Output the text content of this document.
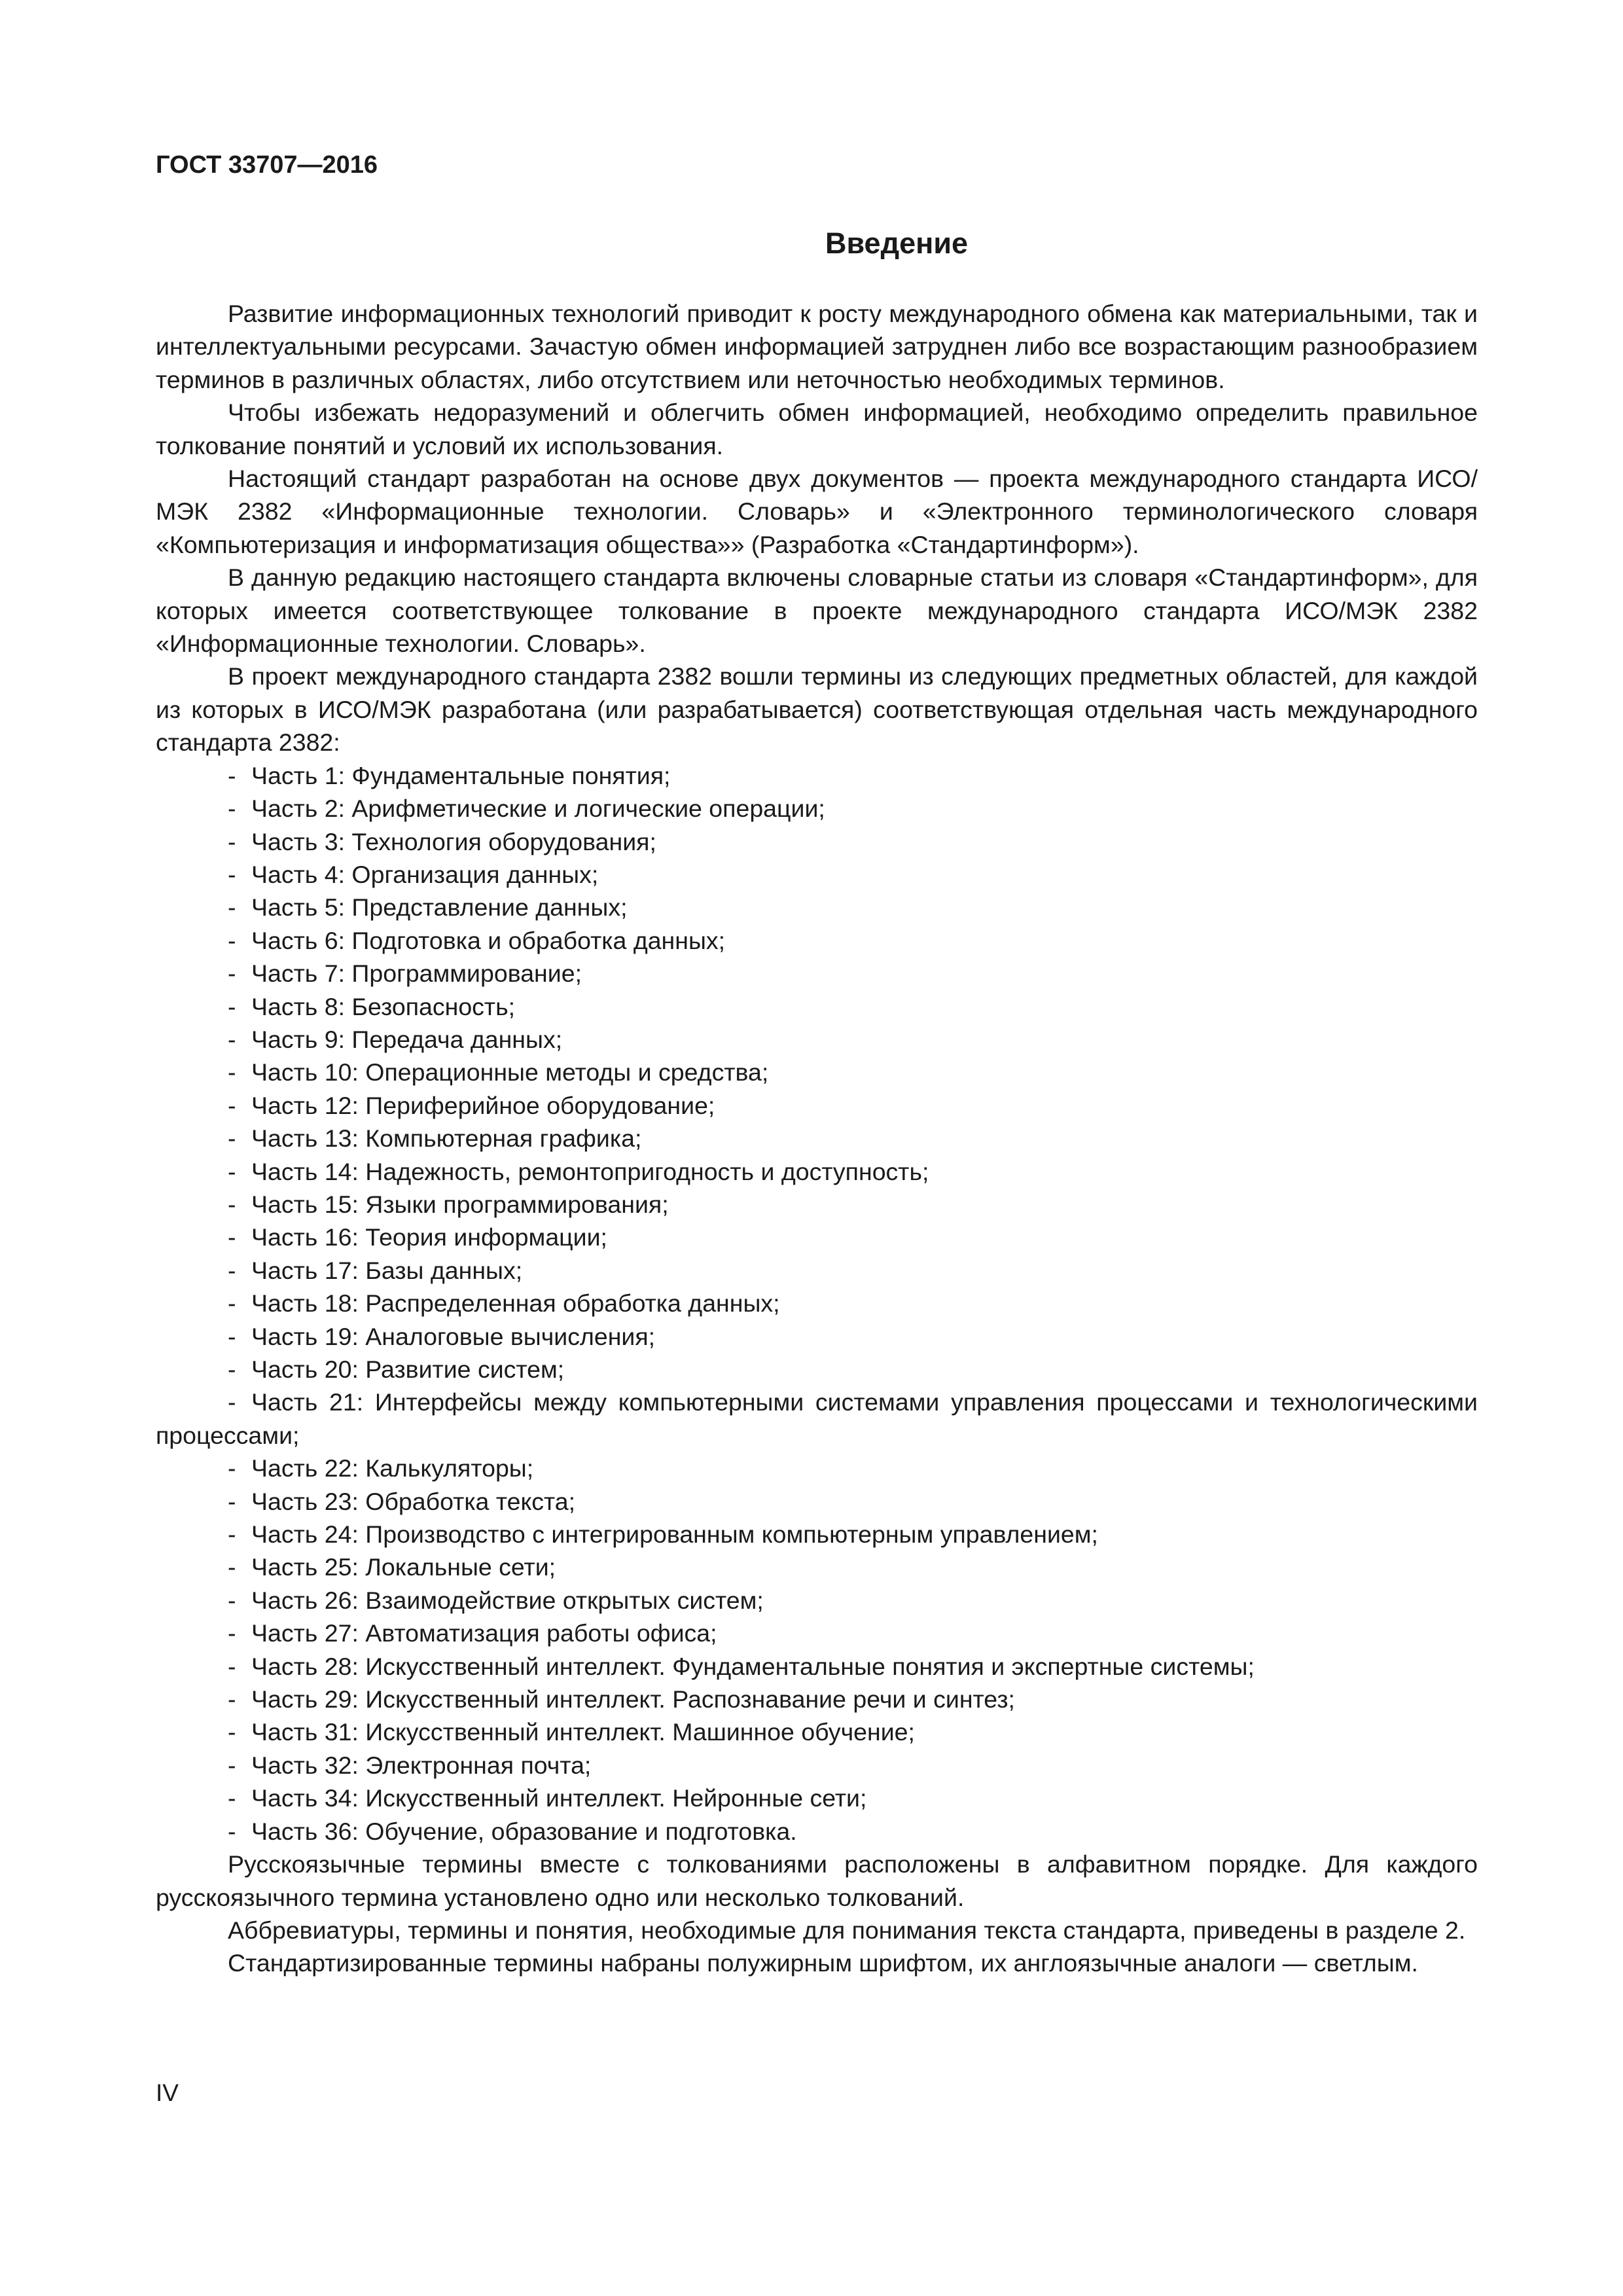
ГОСТ 33707—2016
Введение

Развитие информационных технологий приводит к росту международного обмена как материальными, так и интеллектуальными ресурсами. Зачастую обмен информацией затруднен либо все возрастающим разнообразием терминов в различных областях, либо отсутствием или неточностью необходимых терминов.

Чтобы избежать недоразумений и облегчить обмен информацией, необходимо определить правильное толкование понятий и условий их использования.

Настоящий стандарт разработан на основе двух документов — проекта международного стандарта ИСО/МЭК 2382 «Информационные технологии. Словарь» и «Электронного терминологического словаря «Компьютеризация и информатизация общества»» (Разработка «Стандартинформ»).

В данную редакцию настоящего стандарта включены словарные статьи из словаря «Стандартинформ», для которых имеется соответствующее толкование в проекте международного стандарта ИСО/МЭК 2382 «Информационные технологии. Словарь».

В проект международного стандарта 2382 вошли термины из следующих предметных областей, для каждой из которых в ИСО/МЭК разработана (или разрабатывается) соответствующая отдельная часть международного стандарта 2382:

- Часть 1: Фундаментальные понятия;
- Часть 2: Арифметические и логические операции;
- Часть 3: Технология оборудования;
- Часть 4: Организация данных;
- Часть 5: Представление данных;
- Часть 6: Подготовка и обработка данных;
- Часть 7: Программирование;
- Часть 8: Безопасность;
- Часть 9: Передача данных;
- Часть 10: Операционные методы и средства;
- Часть 12: Периферийное оборудование;
- Часть 13: Компьютерная графика;
- Часть 14: Надежность, ремонтопригодность и доступность;
- Часть 15: Языки программирования;
- Часть 16: Теория информации;
- Часть 17: Базы данных;
- Часть 18: Распределенная обработка данных;
- Часть 19: Аналоговые вычисления;
- Часть 20: Развитие систем;
- Часть 21: Интерфейсы между компьютерными системами управления процессами и технологическими процессами;
- Часть 22: Калькуляторы;
- Часть 23: Обработка текста;
- Часть 24: Производство с интегрированным компьютерным управлением;
- Часть 25: Локальные сети;
- Часть 26: Взаимодействие открытых систем;
- Часть 27: Автоматизация работы офиса;
- Часть 28: Искусственный интеллект. Фундаментальные понятия и экспертные системы;
- Часть 29: Искусственный интеллект. Распознавание речи и синтез;
- Часть 31: Искусственный интеллект. Машинное обучение;
- Часть 32: Электронная почта;
- Часть 34: Искусственный интеллект. Нейронные сети;
- Часть 36: Обучение, образование и подготовка.

Русскоязычные термины вместе с толкованиями расположены в алфавитном порядке. Для каждого русскоязычного термина установлено одно или несколько толкований.

Аббревиатуры, термины и понятия, необходимые для понимания текста стандарта, приведены в разделе 2.

Стандартизированные термины набраны полужирным шрифтом, их англоязычные аналоги — светлым.

IV
